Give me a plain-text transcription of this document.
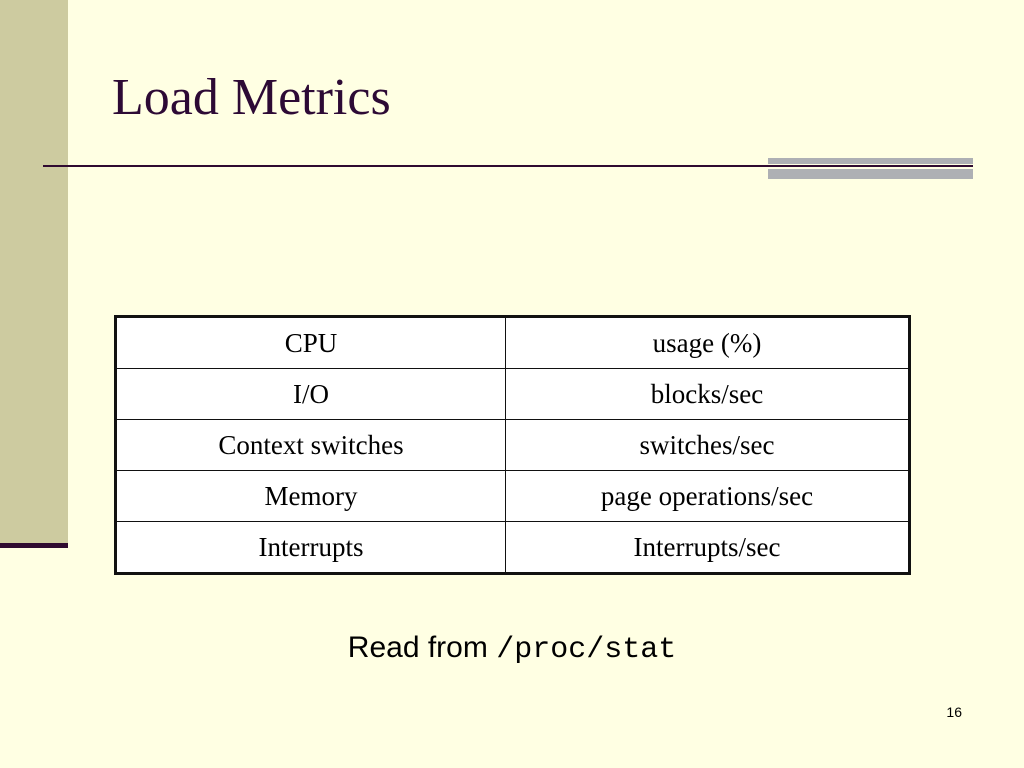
Load Metrics
CPU	usage (%)
I/O	blocks/sec
Context switches	switches/sec
Memory	page operations/sec
Interrupts	Interrupts/sec
Read from /proc/stat
16
